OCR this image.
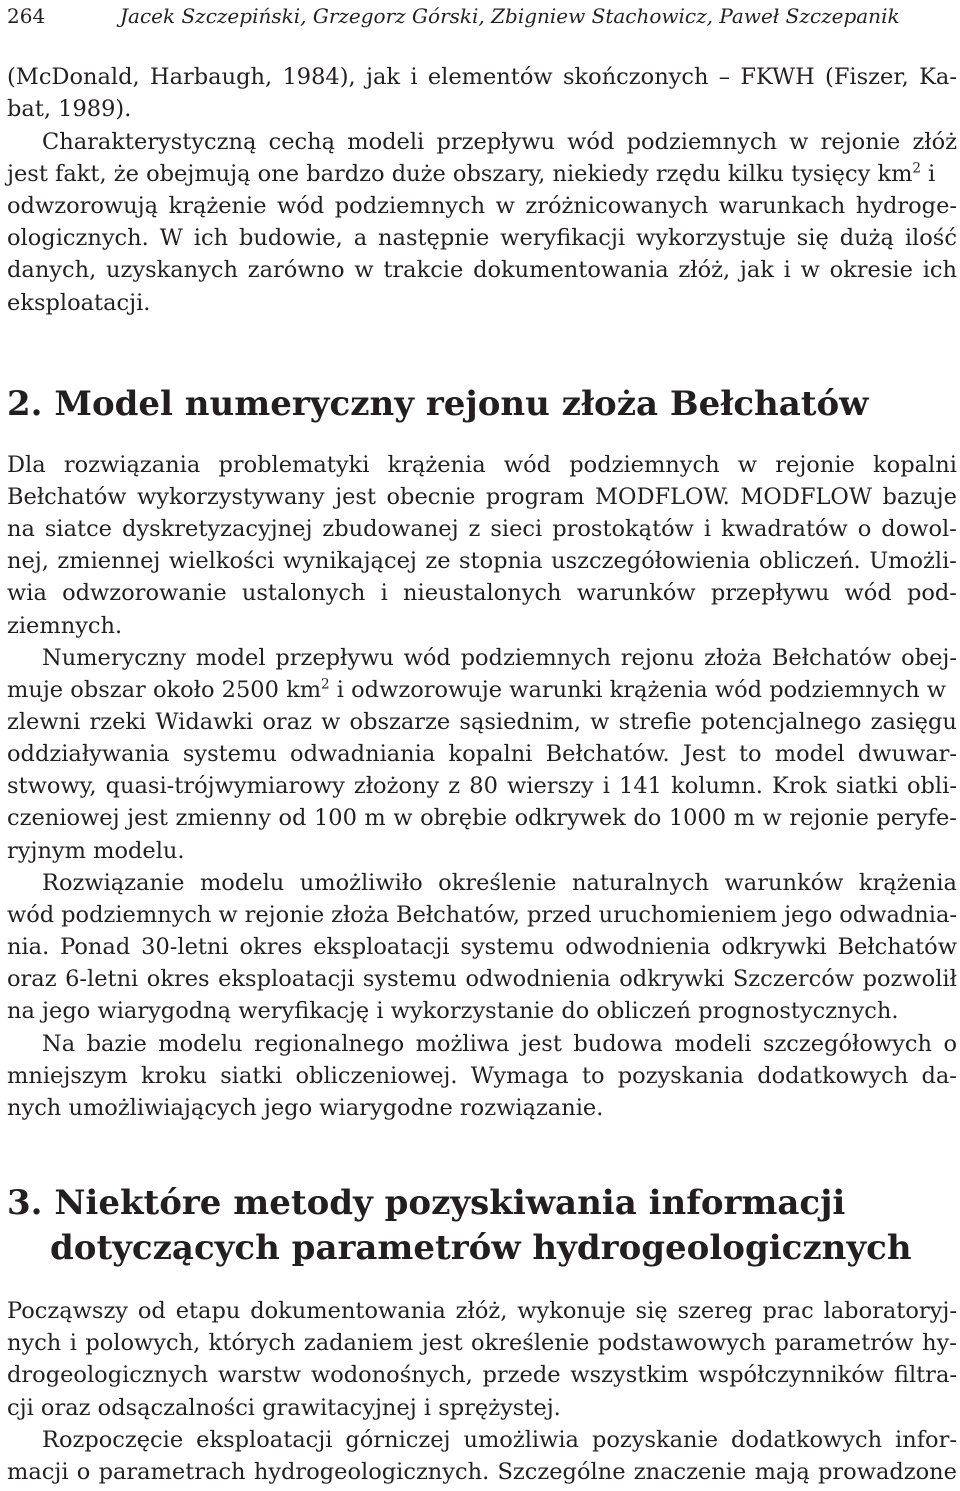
264	Jacek Szczepiński, Grzegorz Górski, Zbigniew Stachowicz, Paweł Szczepanik
(McDonald, Harbaugh, 1984), jak i elementów skończonych – FKWH (Fiszer, Ka-
bat, 1989).
Charakterystyczną cechą modeli przepływu wód podziemnych w rejonie złóż
jest fakt, że obejmują one bardzo duże obszary, niekiedy rzędu kilku tysięcy $km^2$ i
odwzorowują krążenie wód podziemnych w zróżnicowanych warunkach hydroge-
ologicznych. W ich budowie, a następnie weryfikacji wykorzystuje się dużą ilość
danych, uzyskanych zarówno w trakcie dokumentowania złóż, jak i w okresie ich
eksploatacji.
2. Model numeryczny rejonu złoża Bełchatów
Dla rozwiązania problematyki krążenia wód podziemnych w rejonie kopalni
Bełchatów wykorzystywany jest obecnie program MODFLOW. MODFLOW bazuje
na siatce dyskretyzacyjnej zbudowanej z sieci prostokątów i kwadratów o dowol-
nej, zmiennej wielkości wynikającej ze stopnia uszczegółowienia obliczeń. Umożli-
wia odwzorowanie ustalonych i nieustalonych warunków przepływu wód pod-
ziemnych.
Numeryczny model przepływu wód podziemnych rejonu złoża Bełchatów obej-
muje obszar około 2500 $km^2$ i odwzorowuje warunki krążenia wód podziemnych w
zlewni rzeki Widawki oraz w obszarze sąsiednim, w strefie potencjalnego zasięgu
oddziaływania systemu odwadniania kopalni Bełchatów. Jest to model dwuwar-
stwowy, quasi-trójwymiarowy złożony z 80 wierszy i 141 kolumn. Krok siatki obli-
czeniowej jest zmienny od 100 m w obrębie odkrywek do 1000 m w rejonie peryfe-
ryjnym modelu.
Rozwiązanie modelu umożliwiło określenie naturalnych warunków krążenia
wód podziemnych w rejonie złoża Bełchatów, przed uruchomieniem jego odwadnia-
nia. Ponad 30-letni okres eksploatacji systemu odwodnienia odkrywki Bełchatów
oraz 6-letni okres eksploatacji systemu odwodnienia odkrywki Szczerców pozwolił
na jego wiarygodną weryfikację i wykorzystanie do obliczeń prognostycznych.
Na bazie modelu regionalnego możliwa jest budowa modeli szczegółowych o
mniejszym kroku siatki obliczeniowej. Wymaga to pozyskania dodatkowych da-
nych umożliwiających jego wiarygodne rozwiązanie.
3. Niektóre metody pozyskiwania informacji
dotyczących parametrów hydrogeologicznych
Począwszy od etapu dokumentowania złóż, wykonuje się szereg prac laboratoryj-
nych i polowych, których zadaniem jest określenie podstawowych parametrów hy-
drogeologicznych warstw wodonośnych, przede wszystkim współczynników filtra-
cji oraz odsączalności grawitacyjnej i sprężystej.
Rozpoczęcie eksploatacji górniczej umożliwia pozyskanie dodatkowych infor-
macji o parametrach hydrogeologicznych. Szczególne znaczenie mają prowadzone
